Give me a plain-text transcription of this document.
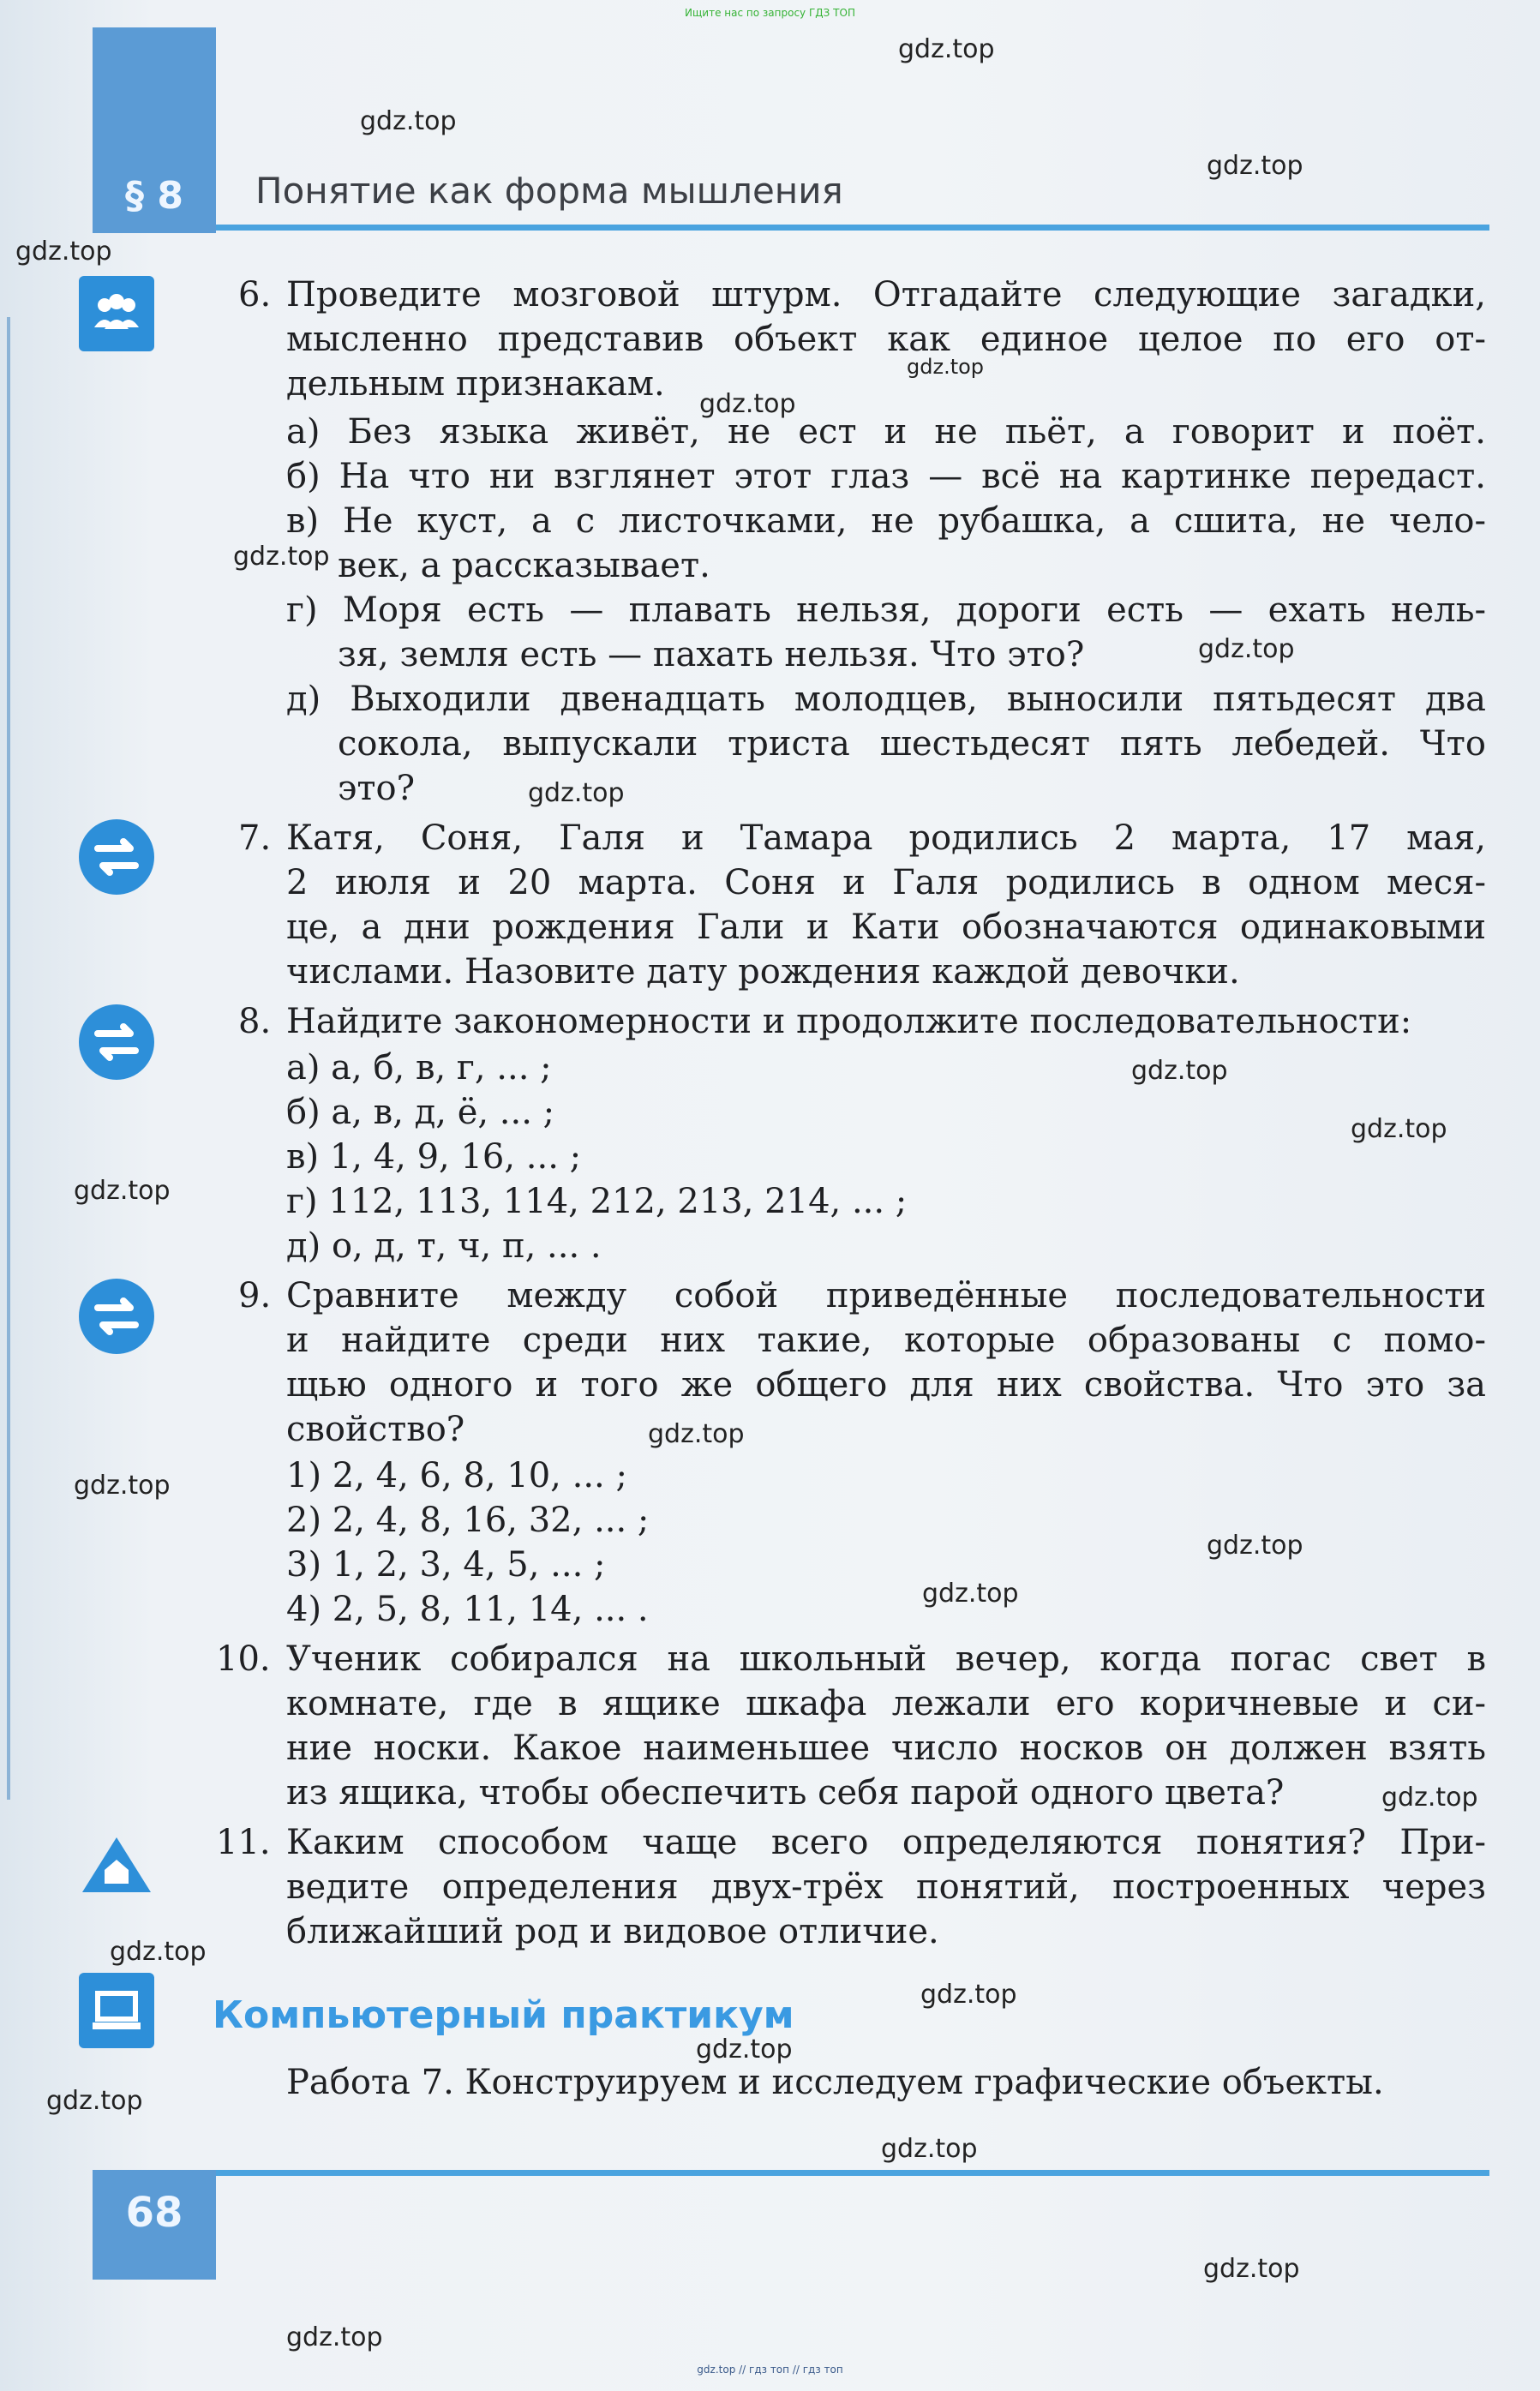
Ищите нас по запросу ГДЗ ТОП
§ 8	Понятие как форма мышления
6. Проведите мозговой штурм. Отгадайте следующие загадки,
мысленно представив объект как единое целое по его от-
дельным признакам.
а) Без языка живёт, не ест и не пьёт, а говорит и поёт.
б) На что ни взглянет этот глаз — всё на картинке передаст.
в) Не куст, а с листочками, не рубашка, а сшита, не чело-
век, а рассказывает.
г) Моря есть — плавать нельзя, дороги есть — ехать нель-
зя, земля есть — пахать нельзя. Что это?
д) Выходили двенадцать молодцев, выносили пятьдесят два
сокола, выпускали триста шестьдесят пять лебедей. Что
это?
7. Катя, Соня, Галя и Тамара родились 2 марта, 17 мая,
2 июля и 20 марта. Соня и Галя родились в одном меся-
це, а дни рождения Гали и Кати обозначаются одинаковыми
числами. Назовите дату рождения каждой девочки.
8. Найдите закономерности и продолжите последовательности:
а) а, б, в, г, ... ;
б) а, в, д, ё, ... ;
в) 1, 4, 9, 16, ... ;
г) 112, 113, 114, 212, 213, 214, ... ;
д) о, д, т, ч, п, ... .
9. Сравните между собой приведённые последовательности
и найдите среди них такие, которые образованы с помо-
щью одного и того же общего для них свойства. Что это за
свойство?
1) 2, 4, 6, 8, 10, ... ;
2) 2, 4, 8, 16, 32, ... ;
3) 1, 2, 3, 4, 5, ... ;
4) 2, 5, 8, 11, 14, ... .
10. Ученик собирался на школьный вечер, когда погас свет в
комнате, где в ящике шкафа лежали его коричневые и си-
ние носки. Какое наименьшее число носков он должен взять
из ящика, чтобы обеспечить себя парой одного цвета?
11. Каким способом чаще всего определяются понятия? При-
ведите определения двух-трёх понятий, построенных через
ближайший род и видовое отличие.
Компьютерный практикум
Работа 7. Конструируем и исследуем графические объекты.
68
gdz.top
gdz.top
gdz.top
gdz.top
gdz.top
gdz.top
gdz.top
gdz.top
gdz.top
gdz.top
gdz.top
gdz.top
gdz.top
gdz.top
gdz.top
gdz.top
gdz.top
gdz.top
gdz.top
gdz.top
gdz.top
gdz.top
gdz.top
gdz.top
gdz.top // гдз топ // гдз топ
